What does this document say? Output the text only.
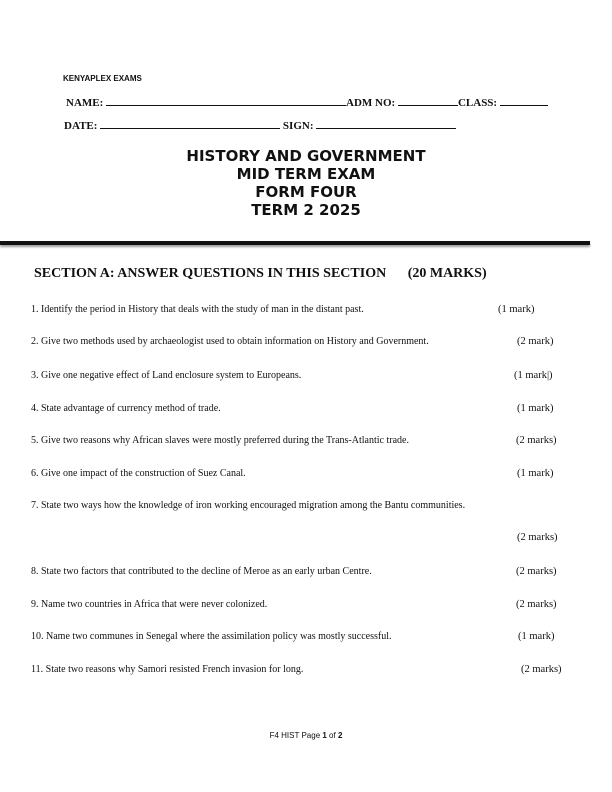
KENYAPLEX EXAMS
NAME:	ADM NO:	CLASS:
DATE:	SIGN:
HISTORY AND GOVERNMENT
MID TERM EXAM
FORM FOUR
TERM 2 2025
SECTION A: ANSWER QUESTIONS IN THIS SECTION (20 MARKS)
1. Identify the period in History that deals with the study of man in the distant past.	(1 mark)
2. Give two methods used by archaeologist used to obtain information on History and Government.	(2 mark)
3. Give one negative effect of Land enclosure system to Europeans.	(1 mark|)
4. State advantage of currency method of trade.	(1 mark)
5. Give two reasons why African slaves were mostly preferred during the Trans-Atlantic trade.	(2 marks)
6. Give one impact of the construction of Suez Canal.	(1 mark)
7. State two ways how the knowledge of iron working encouraged migration among the Bantu communities.
(2 marks)
8. State two factors that contributed to the decline of Meroe as an early urban Centre.	(2 marks)
9. Name two countries in Africa that were never colonized.	(2 marks)
10. Name two communes in Senegal where the assimilation policy was mostly successful.	(1 mark)
11. State two reasons why Samori resisted French invasion for long.	(2 marks)
F4 HIST Page 1 of 2
